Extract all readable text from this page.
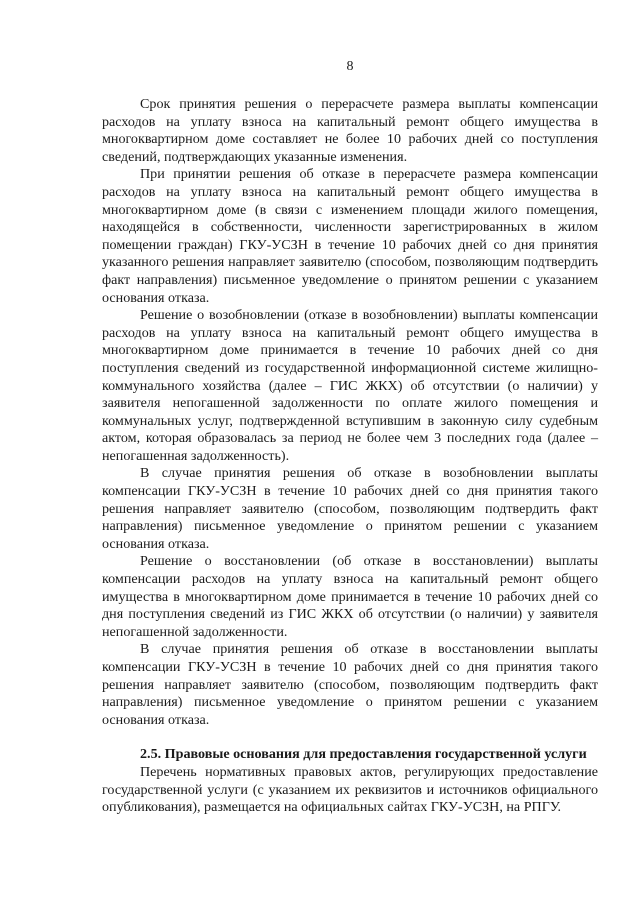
8

Срок принятия решения о перерасчете размера выплаты компенсации расходов на уплату взноса на капитальный ремонт общего имущества в многоквартирном доме составляет не более 10 рабочих дней со поступления сведений, подтверждающих указанные изменения.

При принятии решения об отказе в перерасчете размера компенсации расходов на уплату взноса на капитальный ремонт общего имущества в многоквартирном доме (в связи с изменением площади жилого помещения, находящейся в собственности, численности зарегистрированных в жилом помещении граждан) ГКУ-УСЗН в течение 10 рабочих дней со дня принятия указанного решения направляет заявителю (способом, позволяющим подтвердить факт направления) письменное уведомление о принятом решении с указанием основания отказа.

Решение о возобновлении (отказе в возобновлении) выплаты компенсации расходов на уплату взноса на капитальный ремонт общего имущества в многоквартирном доме принимается в течение 10 рабочих дней со дня поступления сведений из государственной информационной системе жилищно-коммунального хозяйства (далее – ГИС ЖКХ) об отсутствии (о наличии) у заявителя непогашенной задолженности по оплате жилого помещения и коммунальных услуг, подтвержденной вступившим в законную силу судебным актом, которая образовалась за период не более чем 3 последних года (далее – непогашенная задолженность).

В случае принятия решения об отказе в возобновлении выплаты компенсации ГКУ-УСЗН в течение 10 рабочих дней со дня принятия такого решения направляет заявителю (способом, позволяющим подтвердить факт направления) письменное уведомление о принятом решении с указанием основания отказа.

Решение о восстановлении (об отказе в восстановлении) выплаты компенсации расходов на уплату взноса на капитальный ремонт общего имущества в многоквартирном доме принимается в течение 10 рабочих дней со дня поступления сведений из ГИС ЖКХ об отсутствии (о наличии) у заявителя непогашенной задолженности.

В случае принятия решения об отказе в восстановлении выплаты компенсации ГКУ-УСЗН в течение 10 рабочих дней со дня принятия такого решения направляет заявителю (способом, позволяющим подтвердить факт направления) письменное уведомление о принятом решении с указанием основания отказа.

2.5. Правовые основания для предоставления государственной услуги

Перечень нормативных правовых актов, регулирующих предоставление государственной услуги (с указанием их реквизитов и источников официального опубликования), размещается на официальных сайтах ГКУ-УСЗН, на РПГУ.
